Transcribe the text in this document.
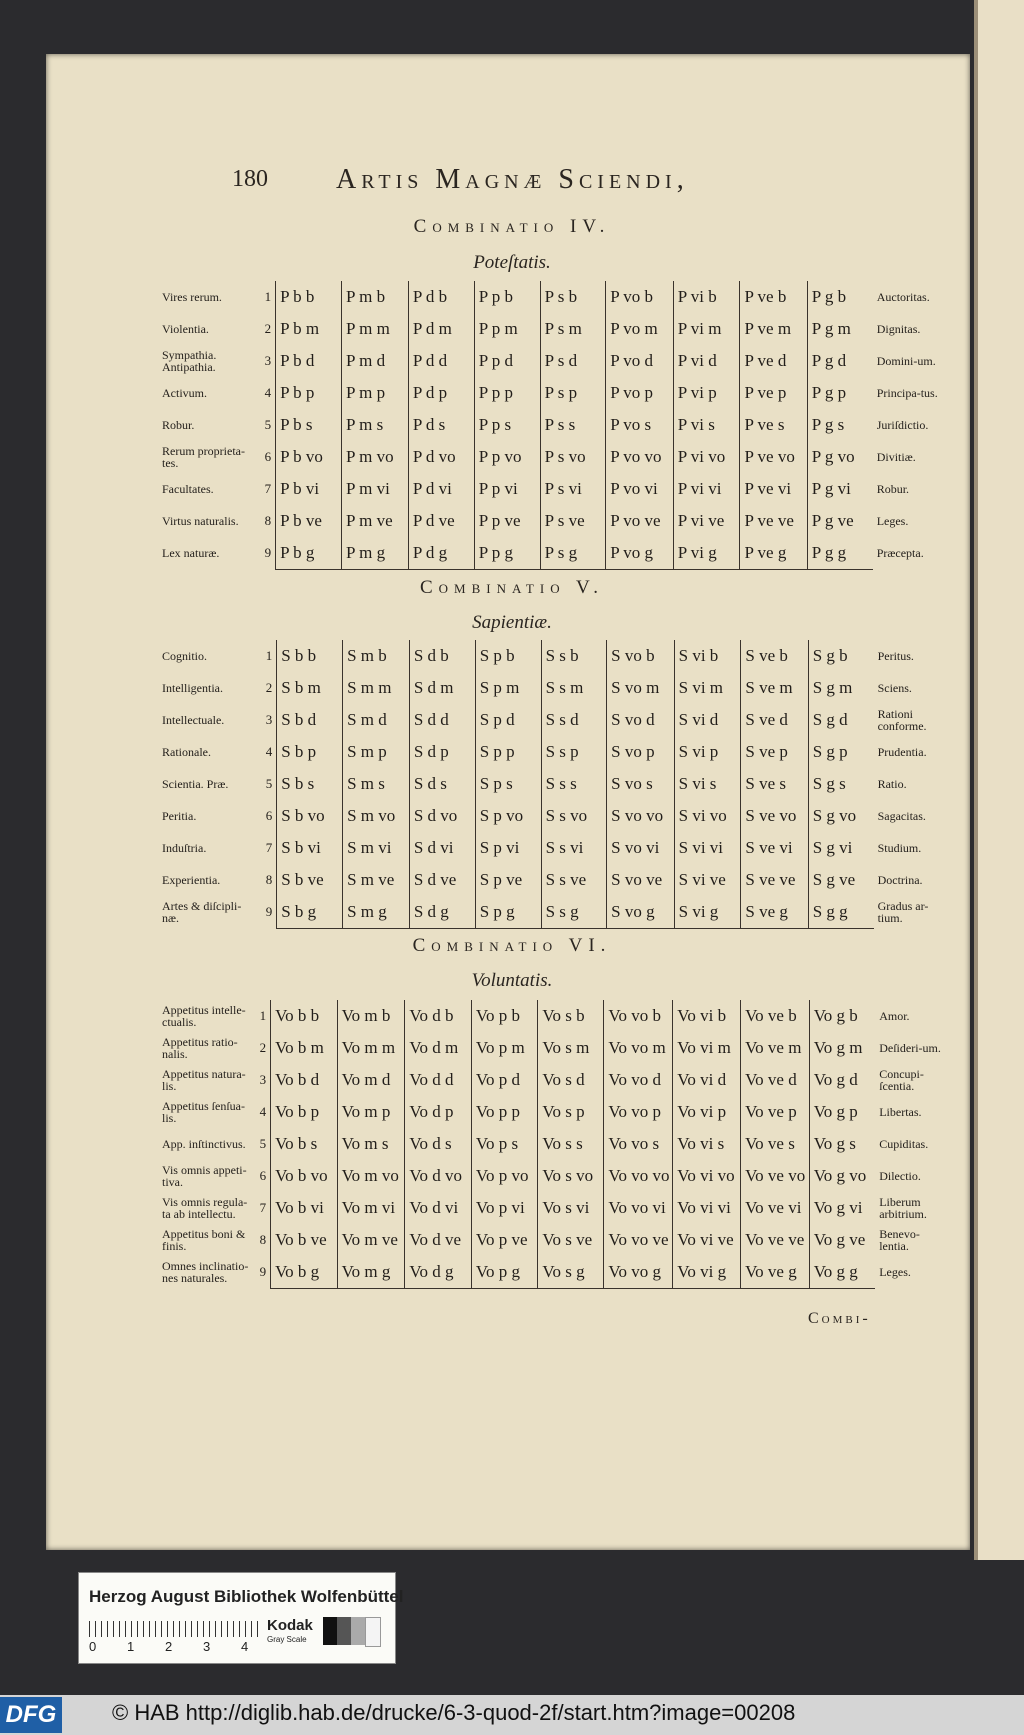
180 Artis Magnæ Sciendi,
Combinatio IV.
Poteſtatis.
Vires rerum.	1	P b b	P m b	P d b	P p b	P s b	P vo b	P vi b	P ve b	P g b	Auctoritas.
Violentia.	2	P b m	P m m	P d m	P p m	P s m	P vo m	P vi m	P ve m	P g m	Dignitas.
Sympathia. Antipathia.	3	P b d	P m d	P d d	P p d	P s d	P vo d	P vi d	P ve d	P g d	Domini-um.
Activum.	4	P b p	P m p	P d p	P p p	P s p	P vo p	P vi p	P ve p	P g p	Principa-tus.
Robur.	5	P b s	P m s	P d s	P p s	P s s	P vo s	P vi s	P ve s	P g s	Juriſdictio.
Rerum proprieta-tes.	6	P b vo	P m vo	P d vo	P p vo	P s vo	P vo vo	P vi vo	P ve vo	P g vo	Divitiæ.
Facultates.	7	P b vi	P m vi	P d vi	P p vi	P s vi	P vo vi	P vi vi	P ve vi	P g vi	Robur.
Virtus naturalis.	8	P b ve	P m ve	P d ve	P p ve	P s ve	P vo ve	P vi ve	P ve ve	P g ve	Leges.
Lex naturæ.	9	P b g	P m g	P d g	P p g	P s g	P vo g	P vi g	P ve g	P g g	Præcepta.
Combinatio V.
Sapientiæ.
Cognitio.	1	S b b	S m b	S d b	S p b	S s b	S vo b	S vi b	S ve b	S g b	Peritus.
Intelligentia.	2	S b m	S m m	S d m	S p m	S s m	S vo m	S vi m	S ve m	S g m	Sciens.
Intellectuale.	3	S b d	S m d	S d d	S p d	S s d	S vo d	S vi d	S ve d	S g d	Rationi conforme.
Rationale.	4	S b p	S m p	S d p	S p p	S s p	S vo p	S vi p	S ve p	S g p	Prudentia.
Scientia. Præ.	5	S b s	S m s	S d s	S p s	S s s	S vo s	S vi s	S ve s	S g s	Ratio.
Peritia.	6	S b vo	S m vo	S d vo	S p vo	S s vo	S vo vo	S vi vo	S ve vo	S g vo	Sagacitas.
Induſtria.	7	S b vi	S m vi	S d vi	S p vi	S s vi	S vo vi	S vi vi	S ve vi	S g vi	Studium.
Experientia.	8	S b ve	S m ve	S d ve	S p ve	S s ve	S vo ve	S vi ve	S ve ve	S g ve	Doctrina.
Artes & diſcipli-næ.	9	S b g	S m g	S d g	S p g	S s g	S vo g	S vi g	S ve g	S g g	Gradus ar-tium.
Combinatio VI.
Voluntatis.
Appetitus intelle-ctualis.	1	Vo b b	Vo m b	Vo d b	Vo p b	Vo s b	Vo vo b	Vo vi b	Vo ve b	Vo g b	Amor.
Appetitus ratio-nalis.	2	Vo b m	Vo m m	Vo d m	Vo p m	Vo s m	Vo vo m	Vo vi m	Vo ve m	Vo g m	Deſideri-um.
Appetitus natura-lis.	3	Vo b d	Vo m d	Vo d d	Vo p d	Vo s d	Vo vo d	Vo vi d	Vo ve d	Vo g d	Concupi-ſcentia.
Appetitus ſenſua-lis.	4	Vo b p	Vo m p	Vo d p	Vo p p	Vo s p	Vo vo p	Vo vi p	Vo ve p	Vo g p	Libertas.
App. inſtinctivus.	5	Vo b s	Vo m s	Vo d s	Vo p s	Vo s s	Vo vo s	Vo vi s	Vo ve s	Vo g s	Cupiditas.
Vis omnis appeti-tiva.	6	Vo b vo	Vo m vo	Vo d vo	Vo p vo	Vo s vo	Vo vo vo	Vo vi vo	Vo ve vo	Vo g vo	Dilectio.
Vis omnis regula-ta ab intellectu.	7	Vo b vi	Vo m vi	Vo d vi	Vo p vi	Vo s vi	Vo vo vi	Vo vi vi	Vo ve vi	Vo g vi	Liberum arbitrium.
Appetitus boni & finis.	8	Vo b ve	Vo m ve	Vo d ve	Vo p ve	Vo s ve	Vo vo ve	Vo vi ve	Vo ve ve	Vo g ve	Benevo-lentia.
Omnes inclinatio-nes naturales.	9	Vo b g	Vo m g	Vo d g	Vo p g	Vo s g	Vo vo g	Vo vi g	Vo ve g	Vo g g	Leges.
Combi-
Herzog August Bibliothek Wolfenbüttel
0 1 2 3 4
Kodak
Gray Scale
DFG	© HAB http://diglib.hab.de/drucke/6-3-quod-2f/start.htm?image=00208
